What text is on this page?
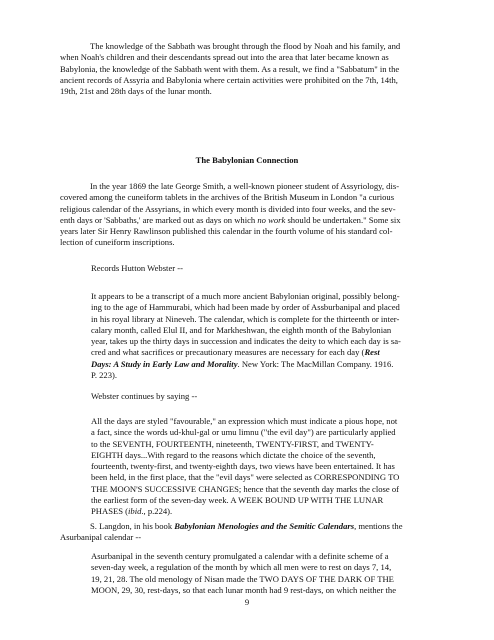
The knowledge of the Sabbath was brought through the flood by Noah and his family, and
when Noah's children and their descendants spread out into the area that later became known as
Babylonia, the knowledge of the Sabbath went with them. As a result, we find a "Sabbatum" in the
ancient records of Assyria and Babylonia where certain activities were prohibited on the 7th, 14th,
19th, 21st and 28th days of the lunar month.

The Babylonian Connection

In the year 1869 the late George Smith, a well-known pioneer student of Assyriology, dis-
covered among the cuneiform tablets in the archives of the British Museum in London "a curious
religious calendar of the Assyrians, in which every month is divided into four weeks, and the sev-
enth days or 'Sabbaths,' are marked out as days on which no work should be undertaken." Some six
years later Sir Henry Rawlinson published this calendar in the fourth volume of his standard col-
lection of cuneiform inscriptions.

Records Hutton Webster --

It appears to be a transcript of a much more ancient Babylonian original, possibly belong-
ing to the age of Hammurabi, which had been made by order of Assburbanipal and placed
in his royal library at Nineveh. The calendar, which is complete for the thirteenth or inter-
calary month, called Elul II, and for Markheshwan, the eighth month of the Babylonian
year, takes up the thirty days in succession and indicates the deity to which each day is sa-
cred and what sacrifices or precautionary measures are necessary for each day (Rest
Days: A Study in Early Law and Morality. New York: The MacMillan Company. 1916.
P. 223).

Webster continues by saying --

All the days are styled "favourable," an expression which must indicate a pious hope, not
a fact, since the words ud-khul-gal or umu limnu ("the evil day") are particularly applied
to the SEVENTH, FOURTEENTH, nineteenth, TWENTY-FIRST, and TWENTY-
EIGHTH days...With regard to the reasons which dictate the choice of the seventh,
fourteenth, twenty-first, and twenty-eighth days, two views have been entertained. It has
been held, in the first place, that the "evil days" were selected as CORRESPONDING TO
THE MOON'S SUCCESSIVE CHANGES; hence that the seventh day marks the close of
the earliest form of the seven-day week. A WEEK BOUND UP WITH THE LUNAR
PHASES (ibid., p.224).

S. Langdon, in his book Babylonian Menologies and the Semitic Calendars, mentions the
Asurbanipal calendar --

Asurbanipal in the seventh century promulgated a calendar with a definite scheme of a
seven-day week, a regulation of the month by which all men were to rest on days 7, 14,
19, 21, 28. The old menology of Nisan made the TWO DAYS OF THE DARK OF THE
MOON, 29, 30, rest-days, so that each lunar month had 9 rest-days, on which neither the

9
